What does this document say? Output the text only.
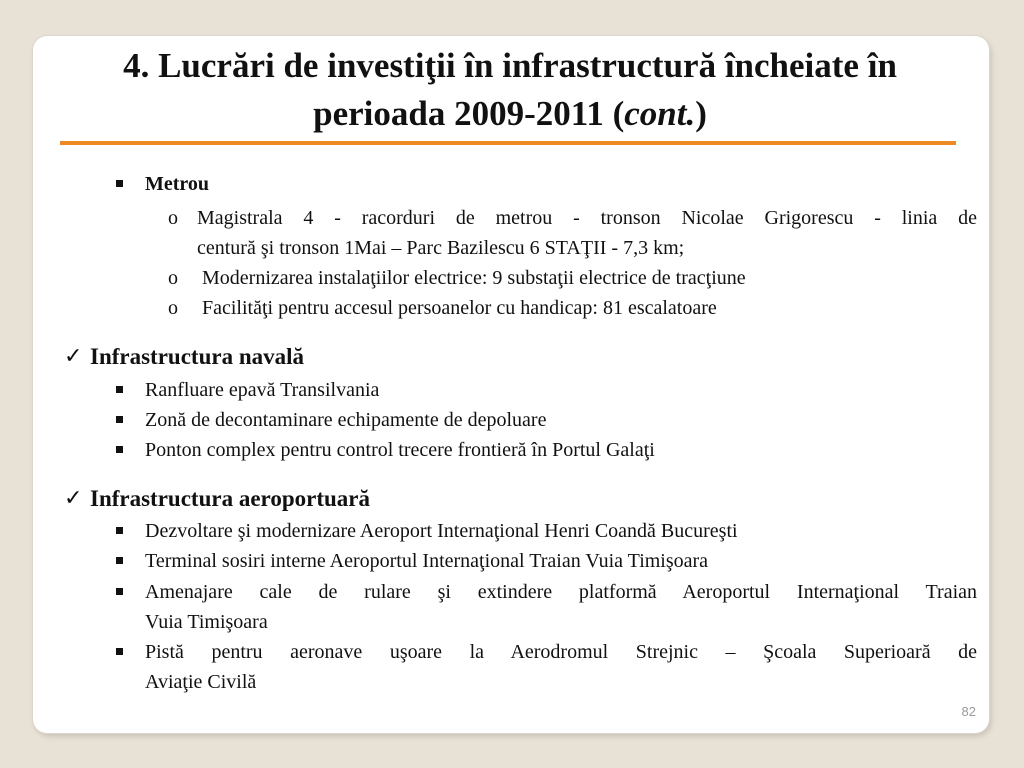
4. Lucrări de investiţii în infrastructură încheiate în
perioada 2009-2011 (cont.)
Metrou
o Magistrala 4 - racorduri de metrou - tronson Nicolae Grigorescu - linia de
centură şi tronson 1Mai – Parc Bazilescu 6 STAŢII - 7,3 km;
o Modernizarea instalaţiilor electrice: 9 substaţii electrice de tracţiune
o Facilităţi pentru accesul persoanelor cu handicap: 81 escalatoare
✓ Infrastructura navală
Ranfluare epavă Transilvania
Zonă de decontaminare echipamente de depoluare
Ponton complex pentru control trecere frontieră în Portul Galaţi
✓ Infrastructura aeroportuară
Dezvoltare şi modernizare Aeroport Internaţional Henri Coandă Bucureşti
Terminal sosiri interne Aeroportul Internaţional Traian Vuia Timişoara
Amenajare cale de rulare şi extindere platformă Aeroportul Internaţional Traian
Vuia Timişoara
Pistă pentru aeronave uşoare la Aerodromul Strejnic – Şcoala Superioară de
Aviaţie Civilă
82
